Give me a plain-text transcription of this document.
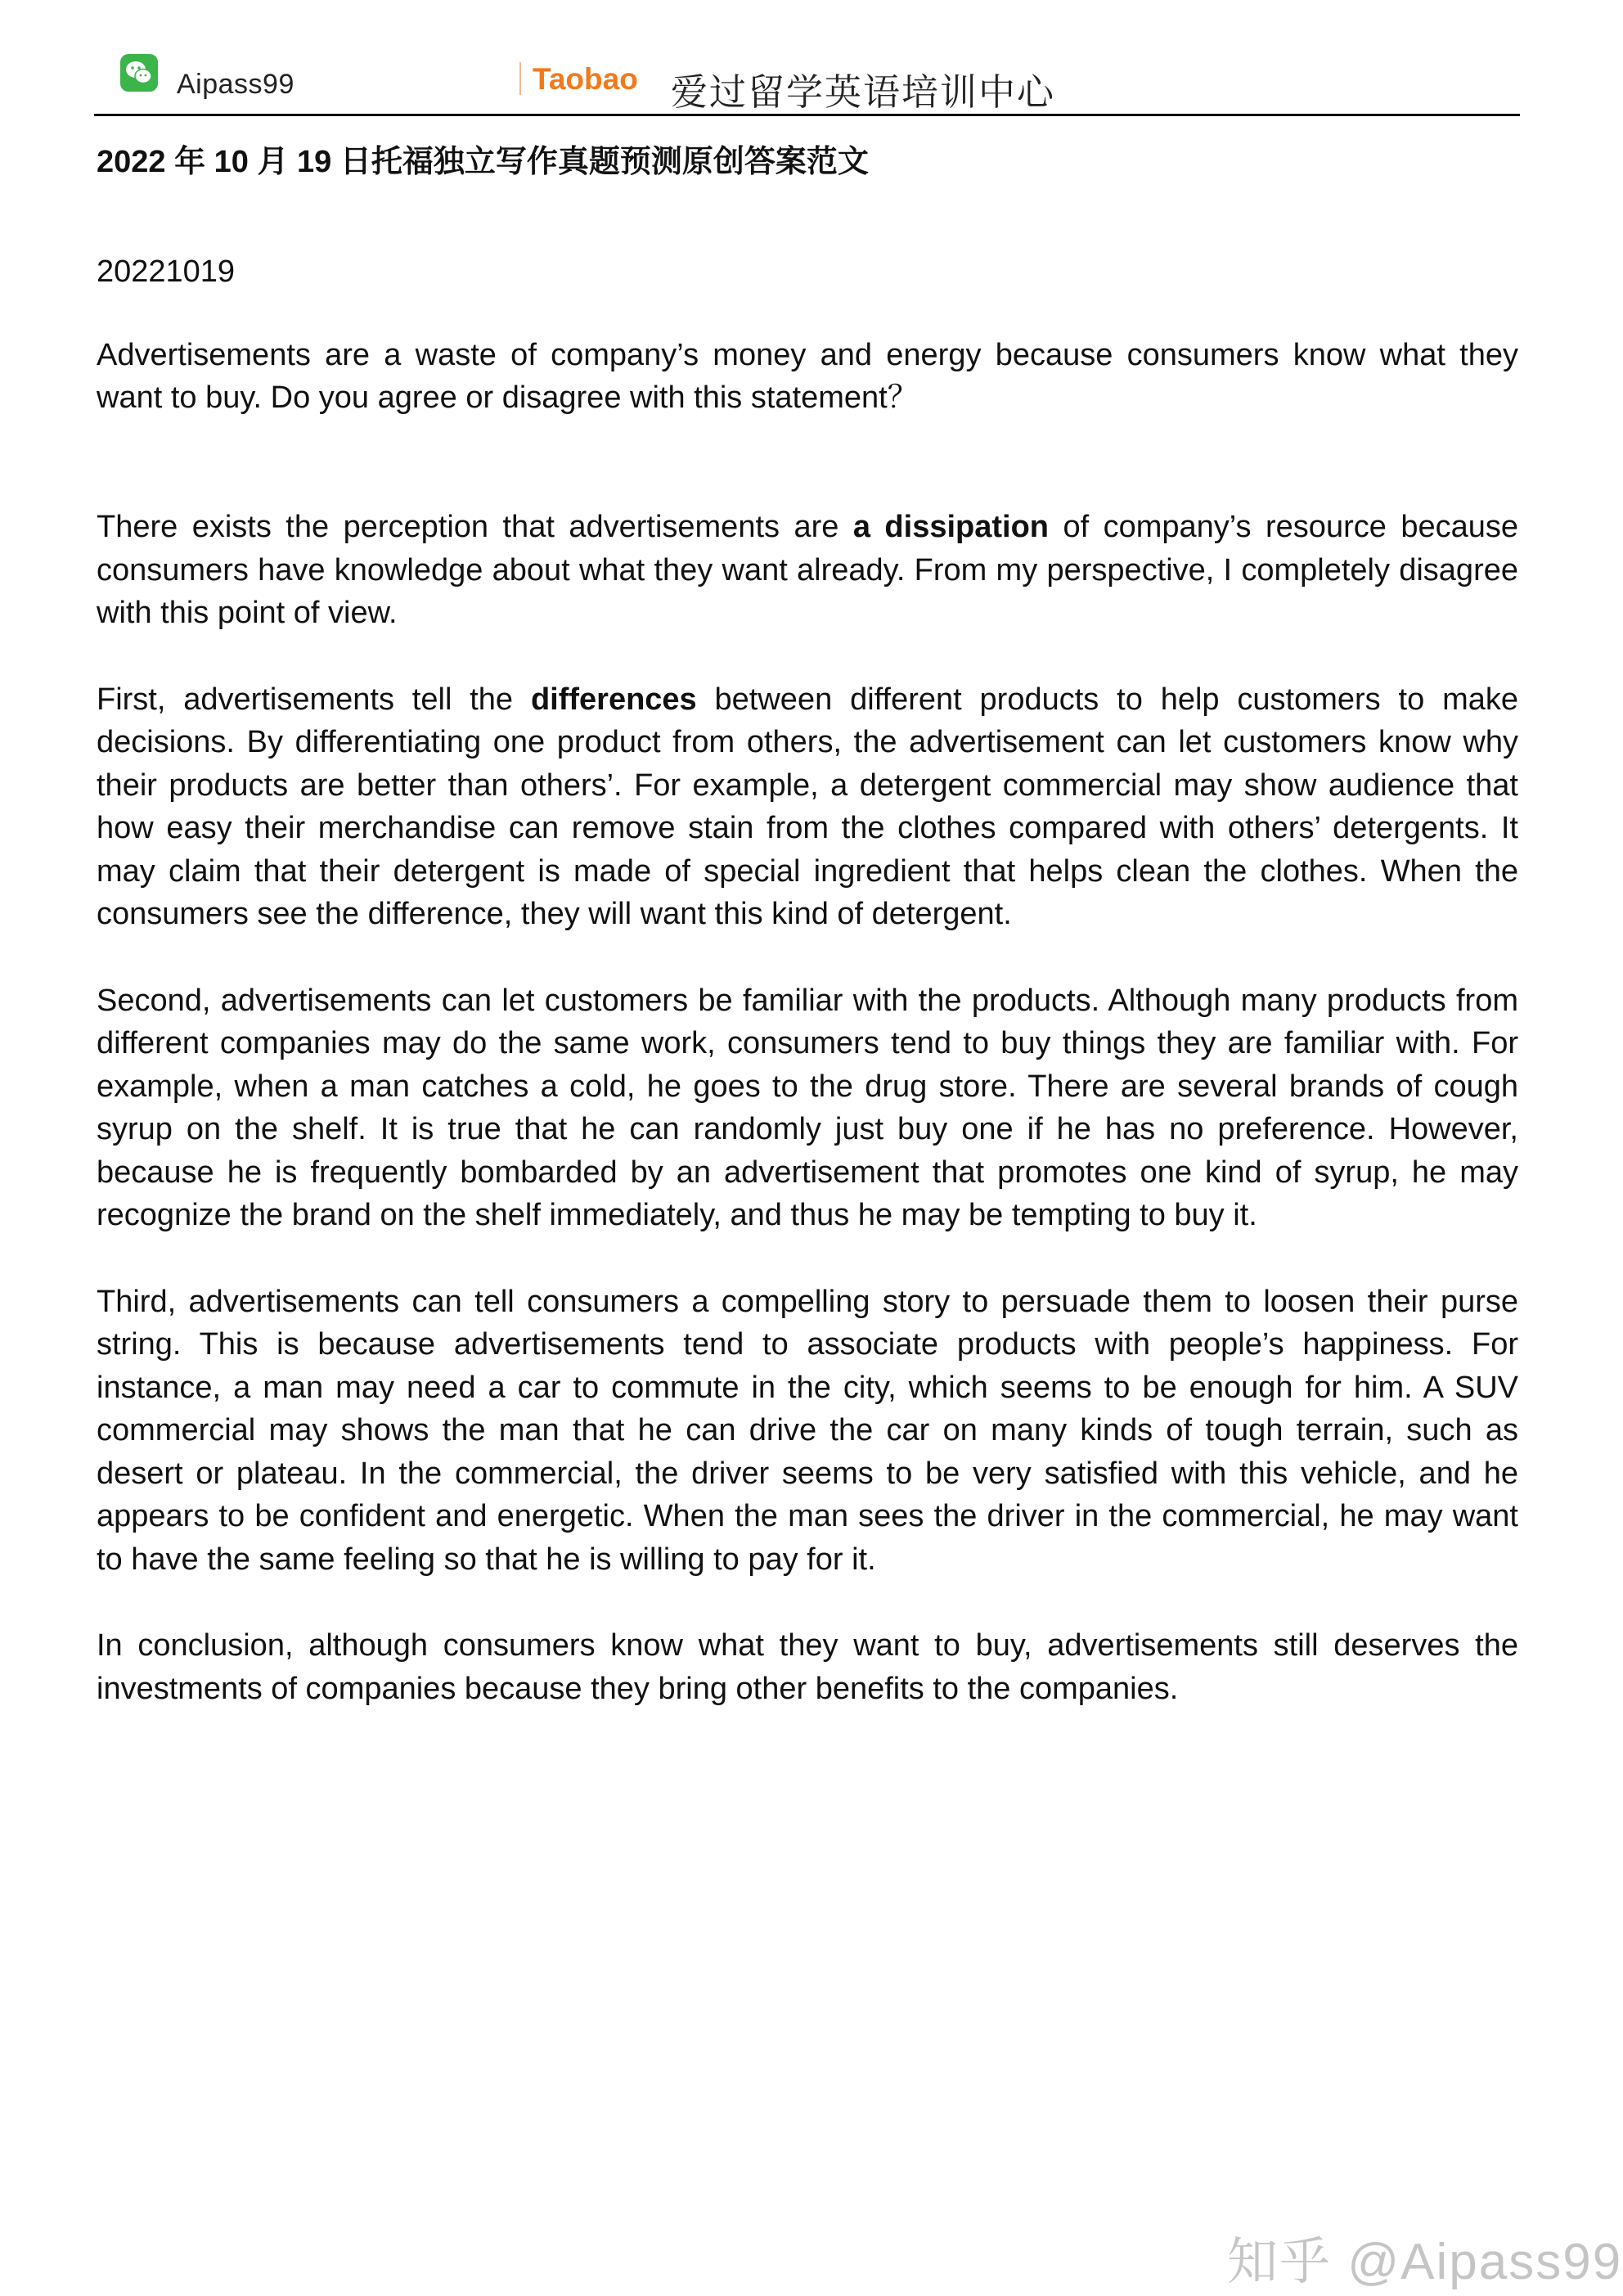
Aipass99	Taobao 爱过留学英语培训中心
2022 年 10 月 19 日托福独立写作真题预测原创答案范文

20221019

Advertisements are a waste of company’s money and energy because consumers know what they want to buy. Do you agree or disagree with this statement？

There exists the perception that advertisements are a dissipation of company’s resource because consumers have knowledge about what they want already. From my perspective, I completely disagree with this point of view.

First, advertisements tell the differences between different products to help customers to make decisions. By differentiating one product from others, the advertisement can let customers know why their products are better than others’. For example, a detergent commercial may show audience that how easy their merchandise can remove stain from the clothes compared with others’ detergents. It may claim that their detergent is made of special ingredient that helps clean the clothes. When the consumers see the difference, they will want this kind of detergent.

Second, advertisements can let customers be familiar with the products. Although many products from different companies may do the same work, consumers tend to buy things they are familiar with. For example, when a man catches a cold, he goes to the drug store. There are several brands of cough syrup on the shelf. It is true that he can randomly just buy one if he has no preference. However, because he is frequently bombarded by an advertisement that promotes one kind of syrup, he may recognize the brand on the shelf immediately, and thus he may be tempting to buy it.

Third, advertisements can tell consumers a compelling story to persuade them to loosen their purse string. This is because advertisements tend to associate products with people’s happiness. For instance, a man may need a car to commute in the city, which seems to be enough for him. A SUV commercial may shows the man that he can drive the car on many kinds of tough terrain, such as desert or plateau. In the commercial, the driver seems to be very satisfied with this vehicle, and he appears to be confident and energetic. When the man sees the driver in the commercial, he may want to have the same feeling so that he is willing to pay for it.

In conclusion, although consumers know what they want to buy, advertisements still deserves the investments of companies because they bring other benefits to the companies.

知乎 @Aipass99
